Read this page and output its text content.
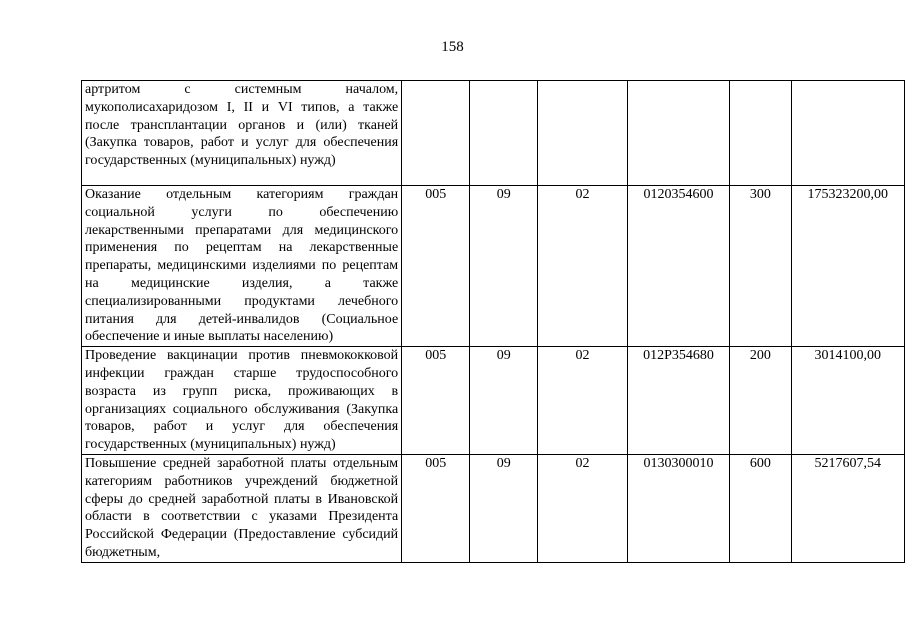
158
артритом с системным началом, мукополисахаридозом I, II и VI типов, а также после трансплантации органов и (или) тканей (Закупка товаров, работ и услуг для обеспечения государственных (муниципальных) нужд)						

Оказание отдельным категориям граждан социальной услуги по обеспечению лекарственными препаратами для медицинского применения по рецептам на лекарственные препараты, медицинскими изделиями по рецептам на медицинские изделия, а также специализированными продуктами лечебного питания для детей-инвалидов (Социальное обеспечение и иные выплаты населению)	005	09	02	0120354600	300	175323200,00

Проведение вакцинации против пневмококковой инфекции граждан старше трудоспособного возраста из групп риска, проживающих в организациях социального обслуживания (Закупка товаров, работ и услуг для обеспечения государственных (муниципальных) нужд)	005	09	02	012Р354680	200	3014100,00

Повышение средней заработной платы отдельным категориям работников учреждений бюджетной сферы до средней заработной платы в Ивановской области в соответствии с указами Президента Российской Федерации (Предоставление субсидий бюджетным,	005	09	02	0130300010	600	5217607,54
